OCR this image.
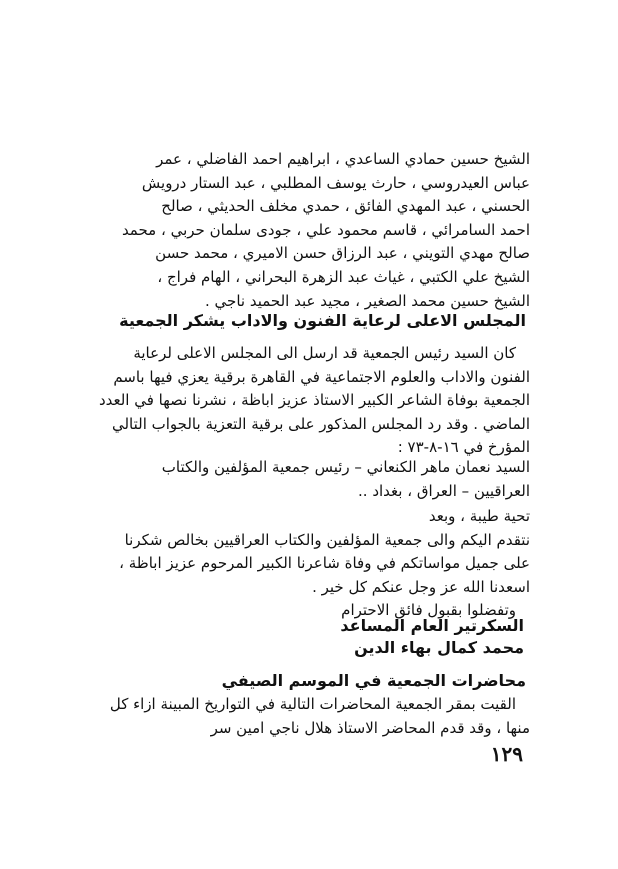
الشيخ حسين حمادي الساعدي ، ابراهيم احمد الفاضلي ، عمر
عباس العيدروسي ، حارث يوسف المطلبي ، عبد الستار درويش
الحسني ، عبد المهدي الفائق ، حمدي مخلف الحديثي ، صالح
احمد السامرائي ، قاسم محمود علي ، جودى سلمان حربي ، محمد
صالح مهدي التويني ، عبد الرزاق حسن الاميري ، محمد حسن
الشيخ علي الكتبي ، غياث عبد الزهرة البحراني ، الهام فراج ،
الشيخ حسين محمد الصغير ، مجيد عبد الحميد ناجي .
المجلس الاعلى لرعاية الفنون والاداب يشكر الجمعية
كان السيد رئيس الجمعية قد ارسل الى المجلس الاعلى لرعاية
الفنون والاداب والعلوم الاجتماعية في القاهرة برقية يعزي فيها باسم
الجمعية بوفاة الشاعر الكبير الاستاذ عزيز اباظة ، نشرنا نصها في العدد
الماضي . وقد رد المجلس المذكور على برقية التعزية بالجواب التالي
المؤرخ في ١٦-٨-٧٣ :
السيد نعمان ماهر الكنعاني – رئيس جمعية المؤلفين والكتاب
العراقيين – العراق ، بغداد ..
تحية طيبة ، وبعد
نتقدم اليكم والى جمعية المؤلفين والكتاب العراقيين بخالص شكرنا
على جميل مواساتكم في وفاة شاعرنا الكبير المرحوم عزيز اباظة ،
اسعدنا الله عز وجل عنكم كل خير .
وتفضلوا بقبول فائق الاحترام
السكرتير العام المساعد
محمد كمال بهاء الدين
محاضرات الجمعية في الموسم الصيفي
القيت بمقر الجمعية المحاضرات التالية في التواريخ المبينة ازاء كل
منها ، وقد قدم المحاضر الاستاذ هلال ناجي امين سر
١٢٩
